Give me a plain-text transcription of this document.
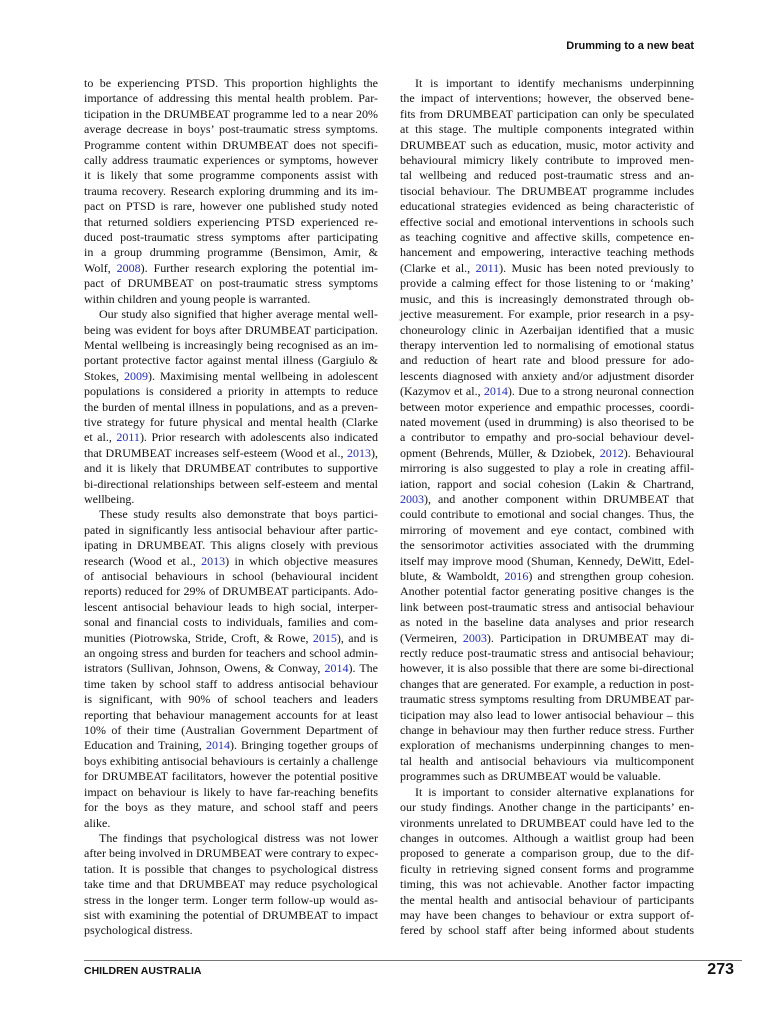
Drumming to a new beat
to be experiencing PTSD. This proportion highlights the
importance of addressing this mental health problem. Par-
ticipation in the DRUMBEAT programme led to a near 20%
average decrease in boys’ post-traumatic stress symptoms.
Programme content within DRUMBEAT does not specifi-
cally address traumatic experiences or symptoms, however
it is likely that some programme components assist with
trauma recovery. Research exploring drumming and its im-
pact on PTSD is rare, however one published study noted
that returned soldiers experiencing PTSD experienced re-
duced post-traumatic stress symptoms after participating
in a group drumming programme (Bensimon, Amir, &
Wolf, 2008). Further research exploring the potential im-
pact of DRUMBEAT on post-traumatic stress symptoms
within children and young people is warranted.
Our study also signified that higher average mental well-
being was evident for boys after DRUMBEAT participation.
Mental wellbeing is increasingly being recognised as an im-
portant protective factor against mental illness (Gargiulo &
Stokes, 2009). Maximising mental wellbeing in adolescent
populations is considered a priority in attempts to reduce
the burden of mental illness in populations, and as a preven-
tive strategy for future physical and mental health (Clarke
et al., 2011). Prior research with adolescents also indicated
that DRUMBEAT increases self-esteem (Wood et al., 2013),
and it is likely that DRUMBEAT contributes to supportive
bi-directional relationships between self-esteem and mental
wellbeing.
These study results also demonstrate that boys partici-
pated in significantly less antisocial behaviour after partic-
ipating in DRUMBEAT. This aligns closely with previous
research (Wood et al., 2013) in which objective measures
of antisocial behaviours in school (behavioural incident
reports) reduced for 29% of DRUMBEAT participants. Ado-
lescent antisocial behaviour leads to high social, interper-
sonal and financial costs to individuals, families and com-
munities (Piotrowska, Stride, Croft, & Rowe, 2015), and is
an ongoing stress and burden for teachers and school admin-
istrators (Sullivan, Johnson, Owens, & Conway, 2014). The
time taken by school staff to address antisocial behaviour
is significant, with 90% of school teachers and leaders
reporting that behaviour management accounts for at least
10% of their time (Australian Government Department of
Education and Training, 2014). Bringing together groups of
boys exhibiting antisocial behaviours is certainly a challenge
for DRUMBEAT facilitators, however the potential positive
impact on behaviour is likely to have far-reaching benefits
for the boys as they mature, and school staff and peers
alike.
The findings that psychological distress was not lower
after being involved in DRUMBEAT were contrary to expec-
tation. It is possible that changes to psychological distress
take time and that DRUMBEAT may reduce psychological
stress in the longer term. Longer term follow-up would as-
sist with examining the potential of DRUMBEAT to impact
psychological distress.
It is important to identify mechanisms underpinning
the impact of interventions; however, the observed bene-
fits from DRUMBEAT participation can only be speculated
at this stage. The multiple components integrated within
DRUMBEAT such as education, music, motor activity and
behavioural mimicry likely contribute to improved men-
tal wellbeing and reduced post-traumatic stress and an-
tisocial behaviour. The DRUMBEAT programme includes
educational strategies evidenced as being characteristic of
effective social and emotional interventions in schools such
as teaching cognitive and affective skills, competence en-
hancement and empowering, interactive teaching methods
(Clarke et al., 2011). Music has been noted previously to
provide a calming effect for those listening to or ‘making’
music, and this is increasingly demonstrated through ob-
jective measurement. For example, prior research in a psy-
choneurology clinic in Azerbaijan identified that a music
therapy intervention led to normalising of emotional status
and reduction of heart rate and blood pressure for ado-
lescents diagnosed with anxiety and/or adjustment disorder
(Kazymov et al., 2014). Due to a strong neuronal connection
between motor experience and empathic processes, coordi-
nated movement (used in drumming) is also theorised to be
a contributor to empathy and pro-social behaviour devel-
opment (Behrends, Müller, & Dziobek, 2012). Behavioural
mirroring is also suggested to play a role in creating affil-
iation, rapport and social cohesion (Lakin & Chartrand,
2003), and another component within DRUMBEAT that
could contribute to emotional and social changes. Thus, the
mirroring of movement and eye contact, combined with
the sensorimotor activities associated with the drumming
itself may improve mood (Shuman, Kennedy, DeWitt, Edel-
blute, & Wamboldt, 2016) and strengthen group cohesion.
Another potential factor generating positive changes is the
link between post-traumatic stress and antisocial behaviour
as noted in the baseline data analyses and prior research
(Vermeiren, 2003). Participation in DRUMBEAT may di-
rectly reduce post-traumatic stress and antisocial behaviour;
however, it is also possible that there are some bi-directional
changes that are generated. For example, a reduction in post-
traumatic stress symptoms resulting from DRUMBEAT par-
ticipation may also lead to lower antisocial behaviour – this
change in behaviour may then further reduce stress. Further
exploration of mechanisms underpinning changes to men-
tal health and antisocial behaviours via multicomponent
programmes such as DRUMBEAT would be valuable.
It is important to consider alternative explanations for
our study findings. Another change in the participants’ en-
vironments unrelated to DRUMBEAT could have led to the
changes in outcomes. Although a waitlist group had been
proposed to generate a comparison group, due to the dif-
ficulty in retrieving signed consent forms and programme
timing, this was not achievable. Another factor impacting
the mental health and antisocial behaviour of participants
may have been changes to behaviour or extra support of-
fered by school staff after being informed about students
CHILDREN AUSTRALIA	273
